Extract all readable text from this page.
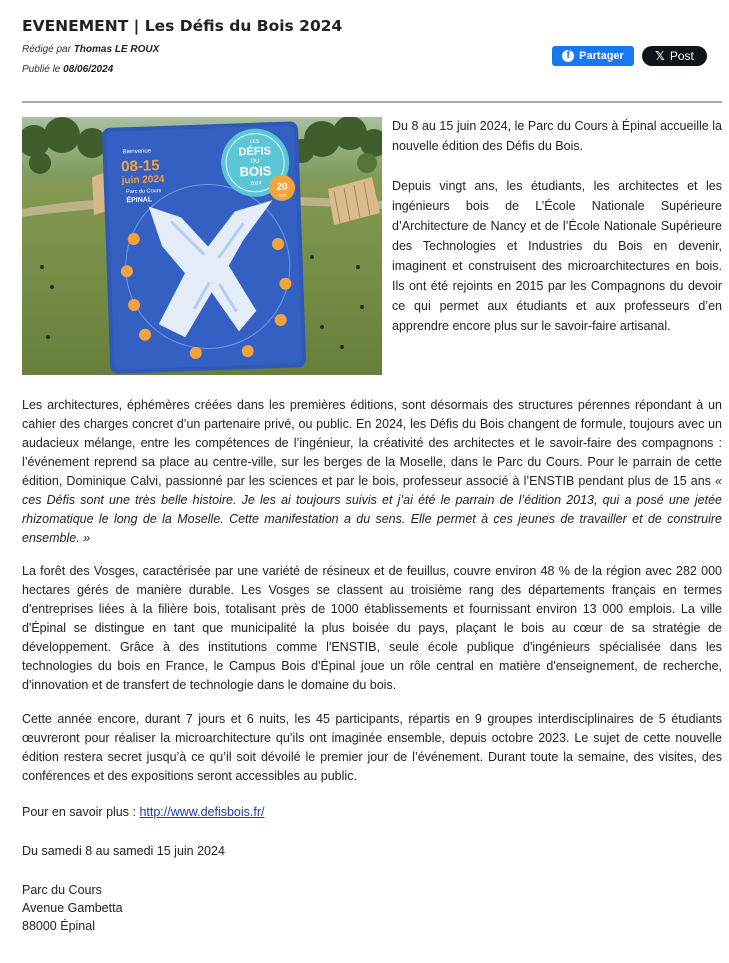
EVENEMENT | Les Défis du Bois 2024
Rédigé par Thomas LE ROUX
Publié le 08/06/2024
f Partager	𝕏 Post
Bienvenue
08-15
juin 2024
Parc du Cours
ÉPINAL
LES
DÉFIS
DU
BOIS
2024 20
ans

Du 8 au 15 juin 2024, le Parc du Cours à Épinal accueille la nouvelle édition des Défis du Bois.

Depuis vingt ans, les étudiants, les architectes et les ingénieurs bois de L’École Nationale Supérieure d’Architecture de Nancy et de l’École Nationale Supérieure des Technologies et Industries du Bois en devenir, imaginent et construisent des microarchitectures en bois. Ils ont été rejoints en 2015 par les Compagnons du devoir ce qui permet aux étudiants et aux professeurs d’en apprendre encore plus sur le savoir-faire artisanal.

Les architectures, éphémères créées dans les premières éditions, sont désormais des structures pérennes répondant à un cahier des charges concret d’un partenaire privé, ou public. En 2024, les Défis du Bois changent de formule, toujours avec un audacieux mélange, entre les compétences de l’ingénieur, la créativité des architectes et le savoir-faire des compagnons : l’événement reprend sa place au centre-ville, sur les berges de la Moselle, dans le Parc du Cours. Pour le parrain de cette édition, Dominique Calvi, passionné par les sciences et par le bois, professeur associé à l’ENSTIB pendant plus de 15 ans « ces Défis sont une très belle histoire. Je les ai toujours suivis et j’ai été le parrain de l’édition 2013, qui a posé une jetée rhizomatique le long de la Moselle. Cette manifestation a du sens. Elle permet à ces jeunes de travailler et de construire ensemble. »

La forêt des Vosges, caractérisée par une variété de résineux et de feuillus, couvre environ 48 % de la région avec 282 000 hectares gérés de manière durable. Les Vosges se classent au troisième rang des départements français en termes d'entreprises liées à la filière bois, totalisant près de 1000 établissements et fournissant environ 13 000 emplois. La ville d'Épinal se distingue en tant que municipalité la plus boisée du pays, plaçant le bois au cœur de sa stratégie de développement. Grâce à des institutions comme l'ENSTIB, seule école publique d'ingénieurs spécialisée dans les technologies du bois en France, le Campus Bois d'Épinal joue un rôle central en matière d'enseignement, de recherche, d'innovation et de transfert de technologie dans le domaine du bois.

Cette année encore, durant 7 jours et 6 nuits, les 45 participants, répartis en 9 groupes interdisciplinaires de 5 étudiants œuvreront pour réaliser la microarchitecture qu’ils ont imaginée ensemble, depuis octobre 2023. Le sujet de cette nouvelle édition restera secret jusqu’à ce qu’il soit dévoilé le premier jour de l’événement. Durant toute la semaine, des visites, des conférences et des expositions seront accessibles au public.

Pour en savoir plus : http://www.defisbois.fr/
Du samedi 8 au samedi 15 juin 2024
Parc du Cours
Avenue Gambetta
88000 Épinal
